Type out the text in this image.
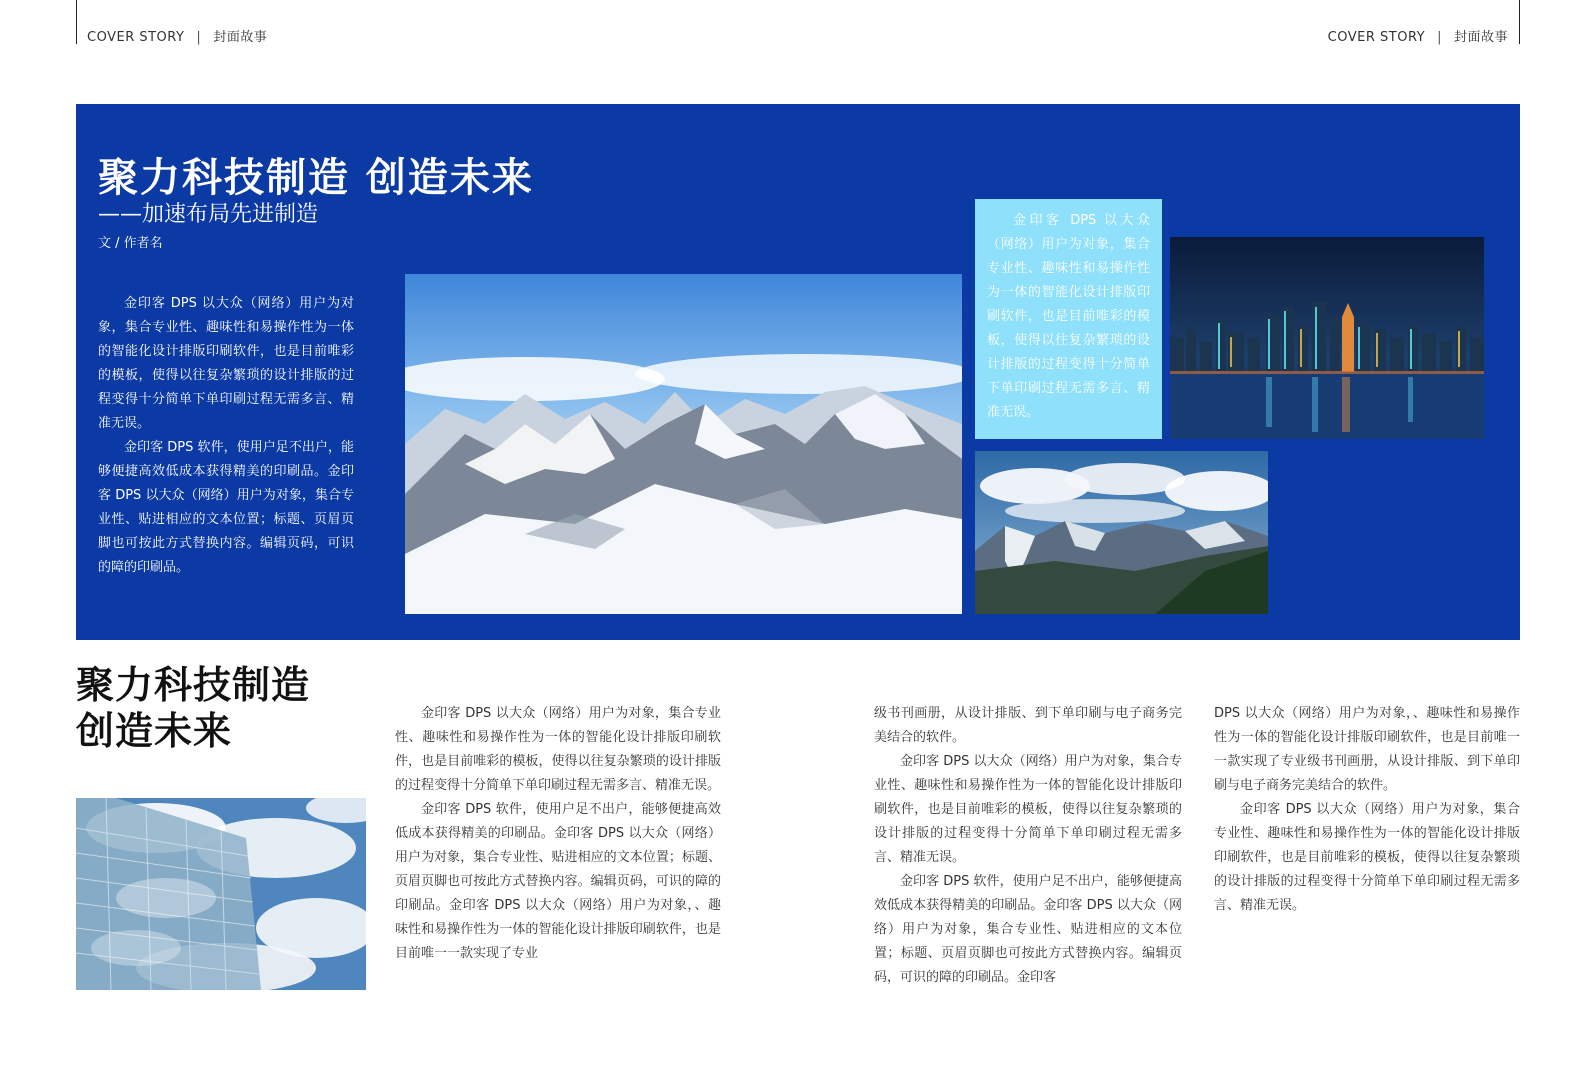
COVER STORY | 封面故事	COVER STORY | 封面故事
聚力科技制造 创造未来
——加速布局先进制造
文 / 作者名

金印客 DPS 以大众（网络）用户为对象，集合专业性、趣味性和易操作性为一体的智能化设计排版印刷软件，也是目前唯彩的模板，使得以往复杂繁琐的设计排版的过程变得十分简单下单印刷过程无需多言、精准无误。

金印客 DPS 软件，使用户足不出户，能够便捷高效低成本获得精美的印刷品。金印客 DPS 以大众（网络）用户为对象，集合专业性、贴进相应的文本位置；标题、页眉页脚也可按此方式替换内容。编辑页码，可识的障的印刷品。

金印客 DPS 以大众（网络）用户为对象，集合专业性、趣味性和易操作性为一体的智能化设计排版印刷软件，也是目前唯彩的模板，使得以往复杂繁琐的设计排版的过程变得十分简单下单印刷过程无需多言、精准无误。

聚力科技制造
创造未来	金印客 DPS 以大众（网络）用户为对象，集合专业性、趣味性和易操作性为一体的智能化设计排版印刷软件，也是目前唯彩的模板，使得以往复杂繁琐的设计排版的过程变得十分简单下单印刷过程无需多言、精准无误。

金印客 DPS 软件，使用户足不出户，能够便捷高效低成本获得精美的印刷品。金印客 DPS 以大众（网络）用户为对象，集合专业性、贴进相应的文本位置；标题、页眉页脚也可按此方式替换内容。编辑页码，可识的障的印刷品。金印客 DPS 以大众（网络）用户为对象，、趣味性和易操作性为一体的智能化设计排版印刷软件，也是目前唯一一款实现了专业

级书刊画册，从设计排版、到下单印刷与电子商务完美结合的软件。

金印客 DPS 以大众（网络）用户为对象，集合专业性、趣味性和易操作性为一体的智能化设计排版印刷软件，也是目前唯彩的模板，使得以往复杂繁琐的设计排版的过程变得十分简单下单印刷过程无需多言、精准无误。

金印客 DPS 软件，使用户足不出户，能够便捷高效低成本获得精美的印刷品。金印客 DPS 以大众（网络）用户为对象，集合专业性、贴进相应的文本位置；标题、页眉页脚也可按此方式替换内容。编辑页码，可识的障的印刷品。金印客

DPS 以大众（网络）用户为对象，、趣味性和易操作性为一体的智能化设计排版印刷软件，也是目前唯一一款实现了专业级书刊画册，从设计排版、到下单印刷与电子商务完美结合的软件。

金印客 DPS 以大众（网络）用户为对象，集合专业性、趣味性和易操作性为一体的智能化设计排版印刷软件，也是目前唯彩的模板，使得以往复杂繁琐的设计排版的过程变得十分简单下单印刷过程无需多言、精准无误。
